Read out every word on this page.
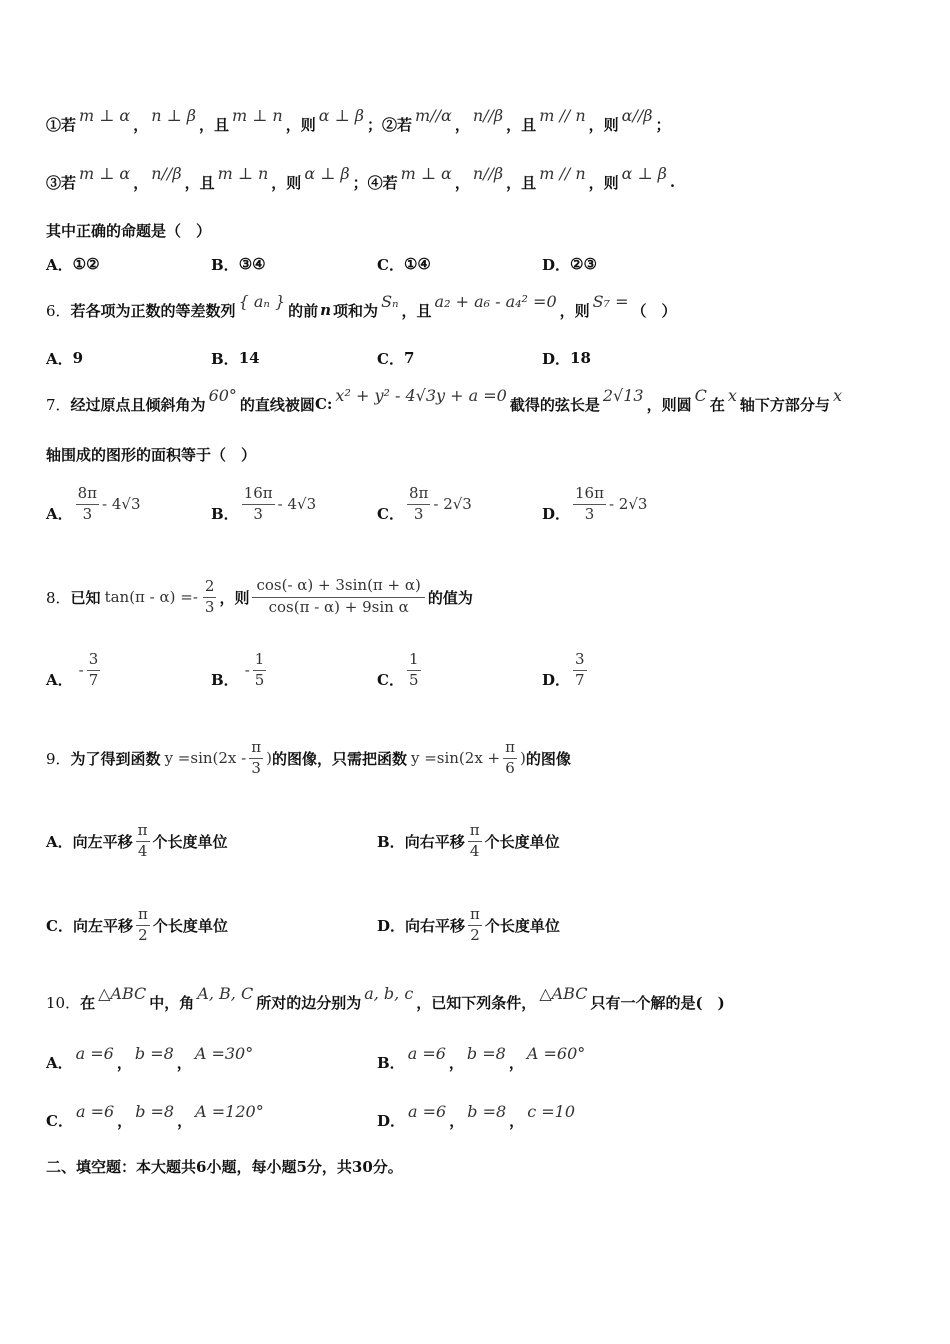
①若 m ⊥ α ， n ⊥ β ，且 m ⊥ n ，则 α ⊥ β ；②若 m//α ， n//β ，且 m // n ，则 α//β ；
③若 m ⊥ α ， n//β ，且 m ⊥ n ，则 α ⊥ β ；④若 m ⊥ α ， n//β ，且 m // n ，则 α ⊥ β .
其中正确的命题是（　）
A． ①②	B． ③④	C． ①④	D． ②③
6． 若各项为正数的等差数列 { aₙ } 的前 n 项和为 Sₙ ，且 a₂ + a₆ - a₄² =0 ，则 S₇ = （　）
A． 9	B． 14	C． 7	D． 18
7． 经过原点且倾斜角为 60° 的直线被圆 C: x² + y² - 4√3y + a =0 截得的弦长是 2√13 ，则圆 C 在 x 轴下方部分与 x
轴围成的图形的面积等于（　）
A． $\frac{8\pi}{3} - 4√3$
B． $\frac{16\pi}{3} - 4√3$
C． $\frac{8\pi}{3} - 2√3$
D． $\frac{16\pi}{3} - 2√3$
8． 已知 $\tan(\pi - \alpha) =- \frac{2}{3}$ ，则 $\frac{\cos(- \alpha) + 3\sin(\pi + \alpha)}{\text{cos(π - α) + 9sin α}}$ 的值为
A．
- $\frac{3}{7}$	B．
- $\frac{1}{5}$	C． $\frac{1}{5}$	D． $\frac{3}{7}$
9． 为了得到函数 $y =\sin(2x - \frac{\pi}{3}$ ) 的图像，只需把函数 $y =\sin(2x + \frac{\pi}{6}$ ) 的图像
A． 向左平移 $\frac{\pi}{4}$ 个长度单位	B． 向右平移 $\frac{\pi}{4}$ 个长度单位
C． 向左平移 $\frac{\pi}{2}$ 个长度单位	D． 向右平移 $\frac{\pi}{2}$ 个长度单位
10． 在 △ABC 中，角 A, B, C 所对的边分别为 a, b, c ，已知下列条件， △ABC 只有一个解的是(　)
A． a =6 ， b =8 ， A =30°	B． a =6 ， b =8 ， A =60°
C． a =6 ， b =8 ， A =120°	D． a =6 ， b =8 ， c =10
二、填空题：本大题共6小题，每小题5分，共30分。
